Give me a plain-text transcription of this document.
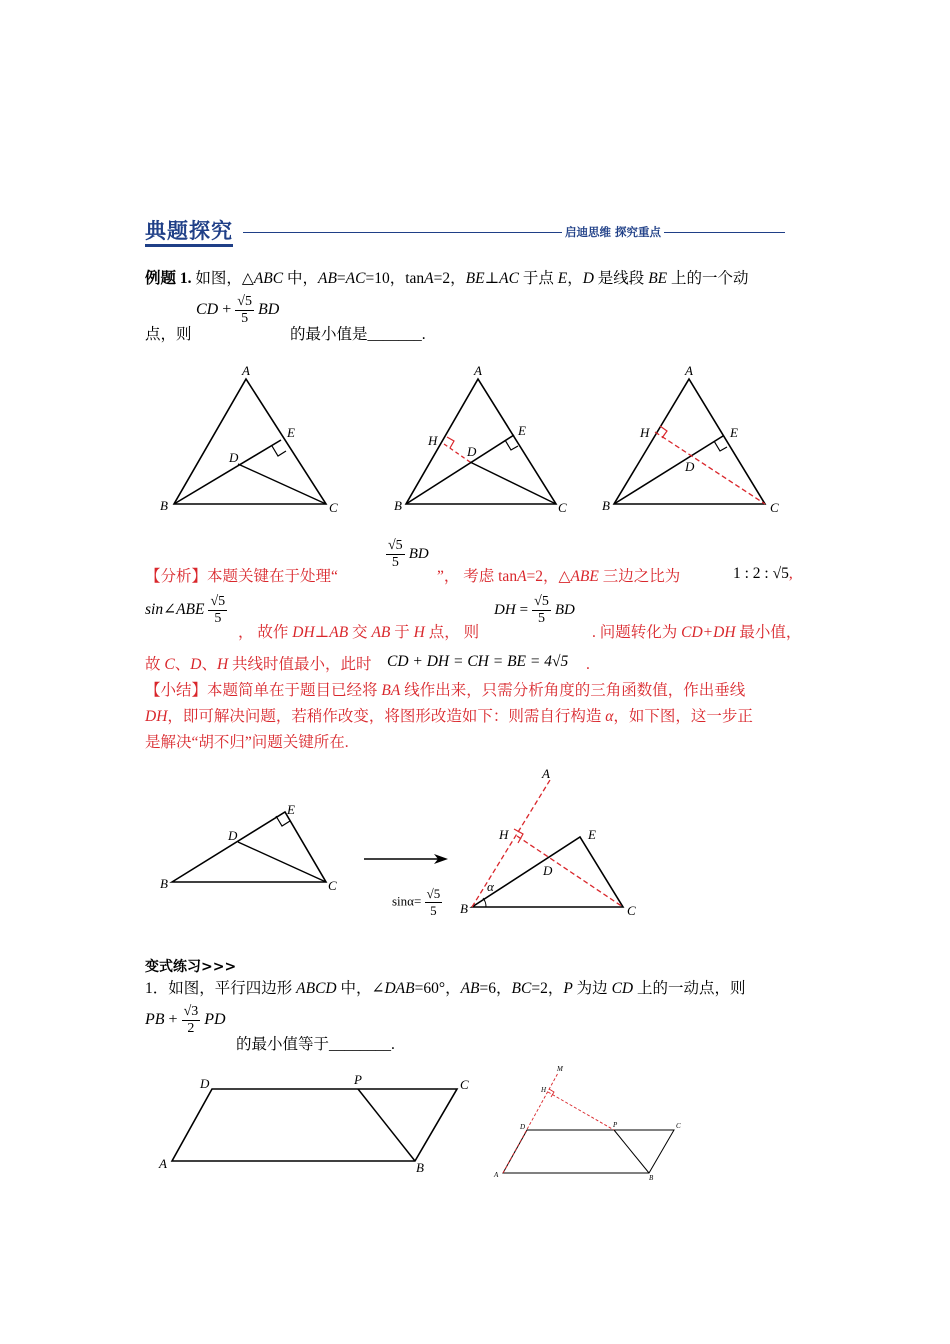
典题探究	启迪思维 探究重点
例题 1. 如图，△ABC 中，AB=AC=10，tanA=2，BE⊥AC 于点 E，D 是线段 BE 上的一个动
点，则
CD + $\frac{√5}{5}$ BD
的最小值是_______.
A
B	C
D
E
A
B	C
D
E
H
A
B	C
D
E
H
【分析】本题关键在于处理“
$\frac{√5}{5}$ BD
”， 考虑 tanA=2，△ABE 三边之比为	1 : 2 : √5,
sin∠ABE $\frac{√5}{5}$
， 故作 DH⊥AB 交 AB 于 H 点， 则
DH = $\frac{√5}{5}$ BD
. 问题转化为 CD+DH 最小值，
故 C、D、H 共线时值最小，此时 CD + DH = CH = BE = 4√5 .
【小结】本题简单在于题目已经将 BA 线作出来，只需分析角度的三角函数值，作出垂线
DH，即可解决问题，若稍作改变，将图形改造如下：则需自行构造 α，如下图，这一步正
是解决“胡不归”问题关键所在.
B	C
D
E
A
B	C
D
E
H
α
$\sin\alpha= \frac{√5}{5}$
变式练习>>>
1．如图，平行四边形 ABCD 中，∠DAB=60°，AB=6，BC=2，P 为边 CD 上的一动点，则
PB + $\frac{√3}{2}$ PD
的最小值等于________.
A	B
C
D	P
A	B
C
D	P
H
M
